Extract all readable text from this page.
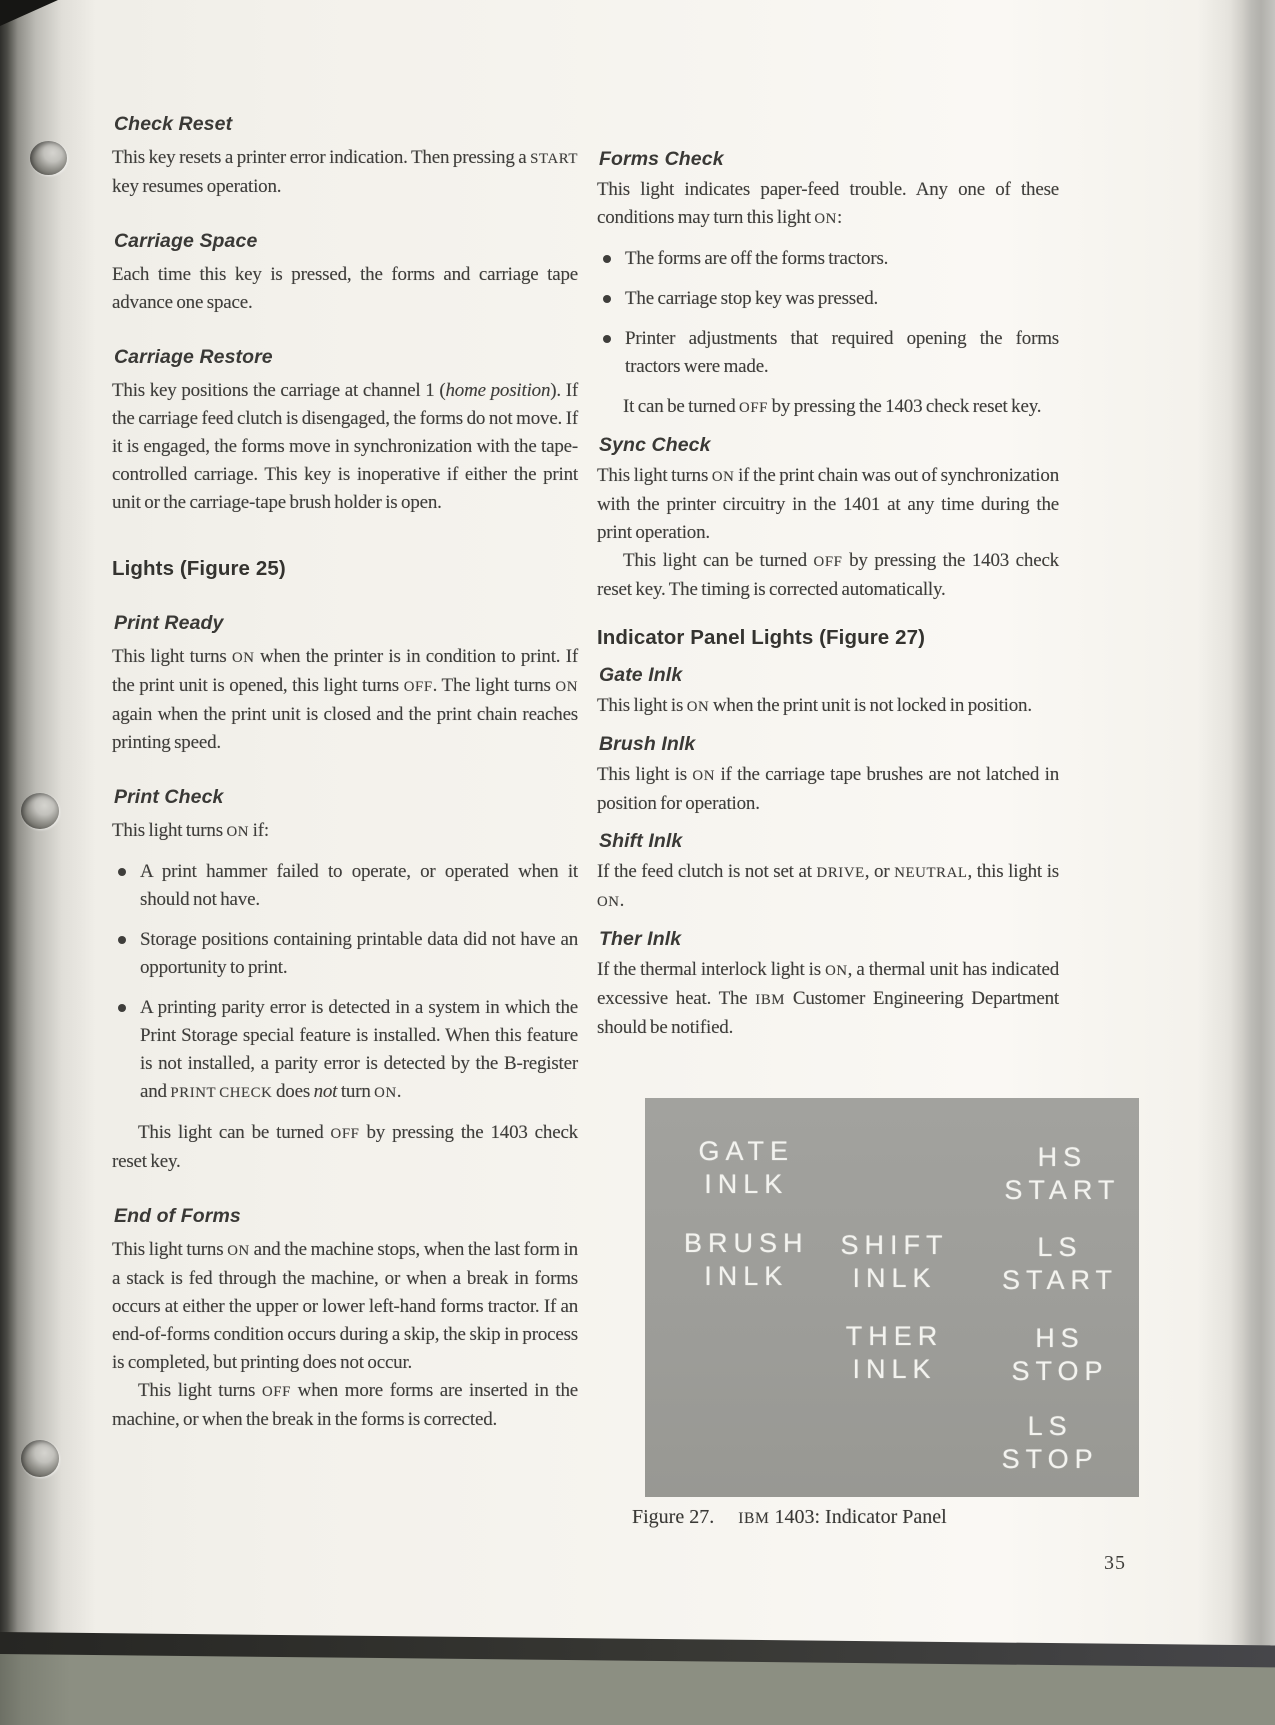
Check Reset

This key resets a printer error indication. Then pressing a START key resumes operation.

Carriage Space

Each time this key is pressed, the forms and carriage tape advance one space.

Carriage Restore

This key positions the carriage at channel 1 (home position). If the carriage feed clutch is disengaged, the forms do not move. If it is engaged, the forms move in synchronization with the tape-controlled carriage. This key is inoperative if either the print unit or the carriage-tape brush holder is open.

Lights (Figure 25)
Print Ready

This light turns ON when the printer is in condition to print. If the print unit is opened, this light turns OFF. The light turns ON again when the print unit is closed and the print chain reaches printing speed.

Print Check

This light turns ON if:

A print hammer failed to operate, or operated when it should not have.
Storage positions containing printable data did not have an opportunity to print.
A printing parity error is detected in a system in which the Print Storage special feature is installed. When this feature is not installed, a parity error is detected by the B-register and PRINT CHECK does not turn ON.

This light can be turned OFF by pressing the 1403 check reset key.

End of Forms

This light turns ON and the machine stops, when the last form in a stack is fed through the machine, or when a break in forms occurs at either the upper or lower left-hand forms tractor. If an end-of-forms condition occurs during a skip, the skip in process is completed, but printing does not occur.

This light turns OFF when more forms are inserted in the machine, or when the break in the forms is corrected.

Forms Check

This light indicates paper-feed trouble. Any one of these conditions may turn this light ON:

The forms are off the forms tractors.
The carriage stop key was pressed.
Printer adjustments that required opening the forms tractors were made.

It can be turned OFF by pressing the 1403 check reset key.

Sync Check

This light turns ON if the print chain was out of synchronization with the printer circuitry in the 1401 at any time during the print operation.

This light can be turned OFF by pressing the 1403 check reset key. The timing is corrected automatically.

Indicator Panel Lights (Figure 27)
Gate Inlk

This light is ON when the print unit is not locked in position.

Brush Inlk

This light is ON if the carriage tape brushes are not latched in position for operation.

Shift Inlk

If the feed clutch is not set at DRIVE, or NEUTRAL, this light is ON.

Ther Inlk

If the thermal interlock light is ON, a thermal unit has indicated excessive heat. The IBM Customer Engineering Department should be notified.

GATE
INLK
HS
START
BRUSH
INLK
SHIFT
INLK
LS
START
THER
INLK
HS
STOP
LS
STOP
Figure 27. IBM 1403: Indicator Panel
35
